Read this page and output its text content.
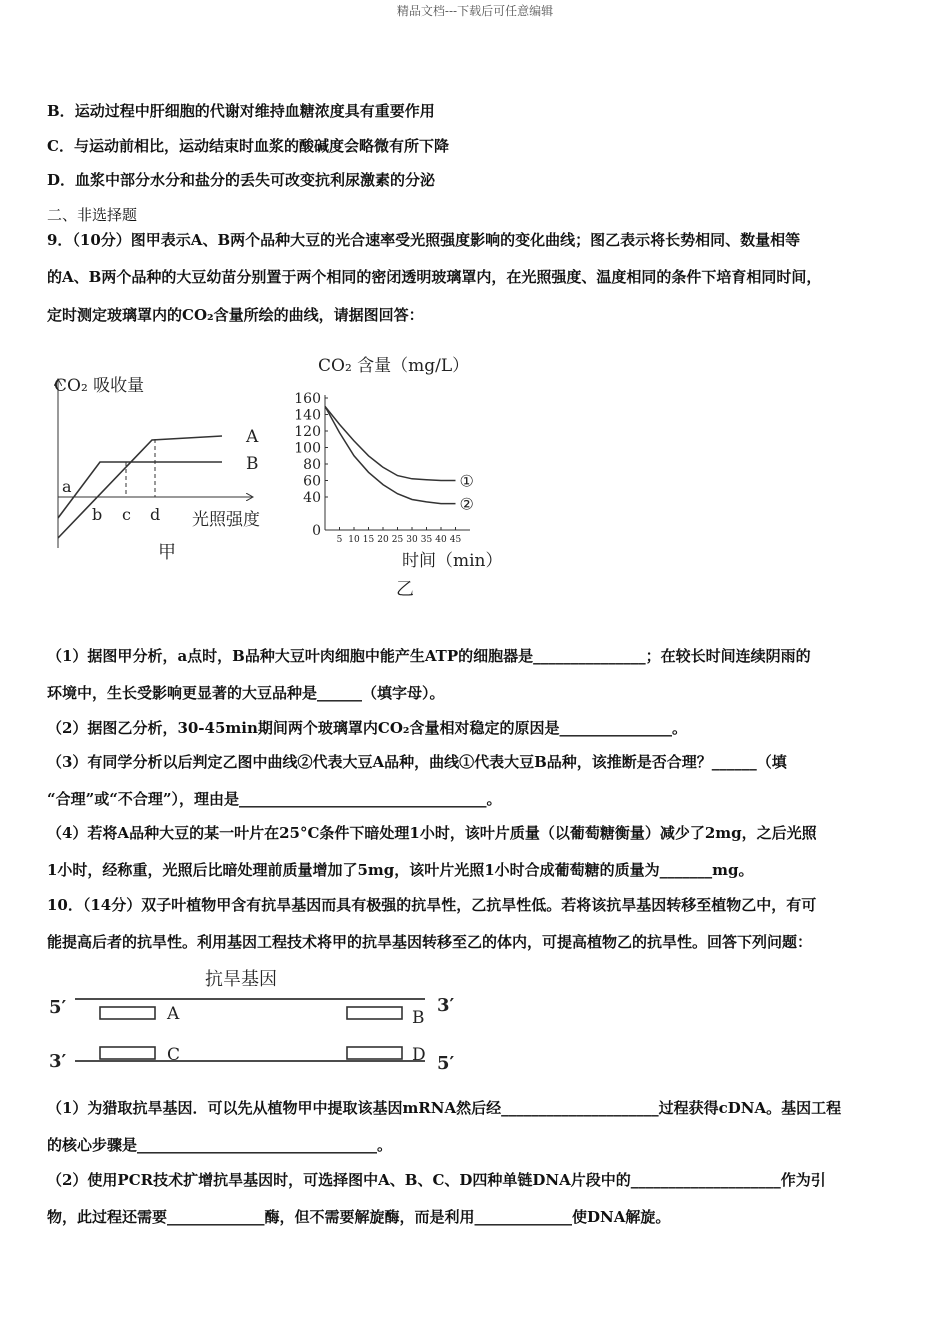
精品文档---下载后可任意编辑
B．运动过程中肝细胞的代谢对维持血糖浓度具有重要作用
C．与运动前相比，运动结束时血浆的酸碱度会略微有所下降
D．血浆中部分水分和盐分的丢失可改变抗利尿激素的分泌
二、非选择题
9．（10分）图甲表示A、B两个品种大豆的光合速率受光照强度影响的变化曲线；图乙表示将长势相同、数量相等
的A、B两个品种的大豆幼苗分别置于两个相同的密闭透明玻璃罩内，在光照强度、温度相同的条件下培育相同时间，
定时测定玻璃罩内的CO₂含量所绘的曲线，请据图回答：
CO₂ 吸收量
a
b c d
A
B
光照强度
甲
CO₂ 含量（mg/L）
0
40
60
80
100
120
140
160
5 10 15 20 25 30 35 40 45
①
②
时间（min）
乙
（1）据图甲分析，a点时，B品种大豆叶肉细胞中能产生ATP的细胞器是_______________；在较长时间连续阴雨的
环境中，生长受影响更显著的大豆品种是______（填字母）。
（2）据图乙分析，30-45min期间两个玻璃罩内CO₂含量相对稳定的原因是_______________。
（3）有同学分析以后判定乙图中曲线②代表大豆A品种，曲线①代表大豆B品种，该推断是否合理？______（填
“合理”或“不合理”），理由是_________________________________。
（4）若将A品种大豆的某一叶片在25°C条件下暗处理1小时，该叶片质量（以葡萄糖衡量）减少了2mg，之后光照
1小时，经称重，光照后比暗处理前质量增加了5mg，该叶片光照1小时合成葡萄糖的质量为_______mg。
10．（14分）双子叶植物甲含有抗旱基因而具有极强的抗旱性，乙抗旱性低。若将该抗旱基因转移至植物乙中，有可
能提高后者的抗旱性。利用基因工程技术将甲的抗旱基因转移至乙的体内，可提高植物乙的抗旱性。回答下列问题：
抗旱基因
5′	3′
A	B
3′	C	D 5′
（1）为猎取抗旱基因．可以先从植物甲中提取该基因mRNA然后经_____________________过程获得cDNA。基因工程
的核心步骤是________________________________。
（2）使用PCR技术扩增抗旱基因时，可选择图中A、B、C、D四种单链DNA片段中的____________________作为引
物，此过程还需要_____________酶，但不需要解旋酶，而是利用_____________使DNA解旋。
